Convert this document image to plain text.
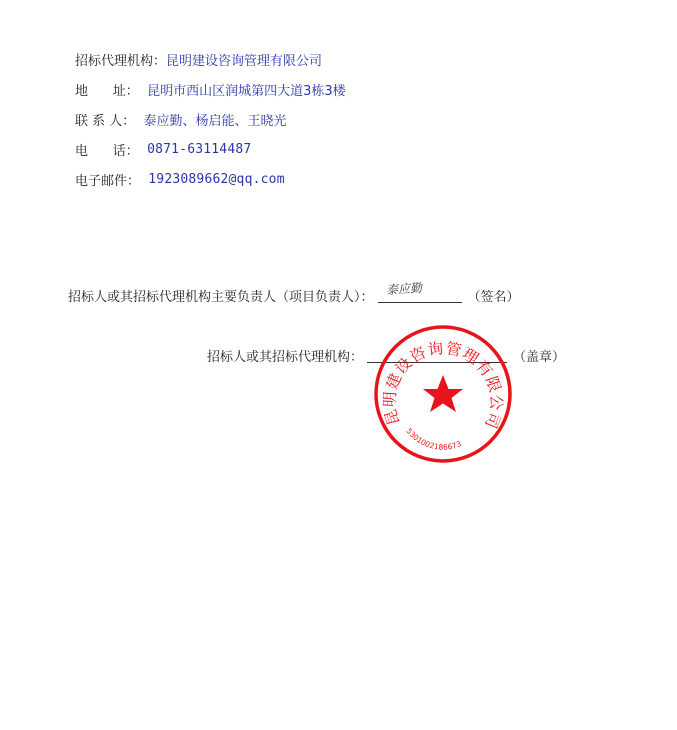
招标代理机构： 昆明建设咨询管理有限公司
地      址： 昆明市西山区润城第四大道3栋3楼
联 系 人： 泰应勤、杨启能、王晓光
电      话： 0871-63114487
电子邮件： 1923089662@qq.com
招标人或其招标代理机构主要负责人（项目负责人）：
泰应勤
（签名）
招标人或其招标代理机构：	（盖章）
昆明建设咨询管理有限公司
5301002186673
